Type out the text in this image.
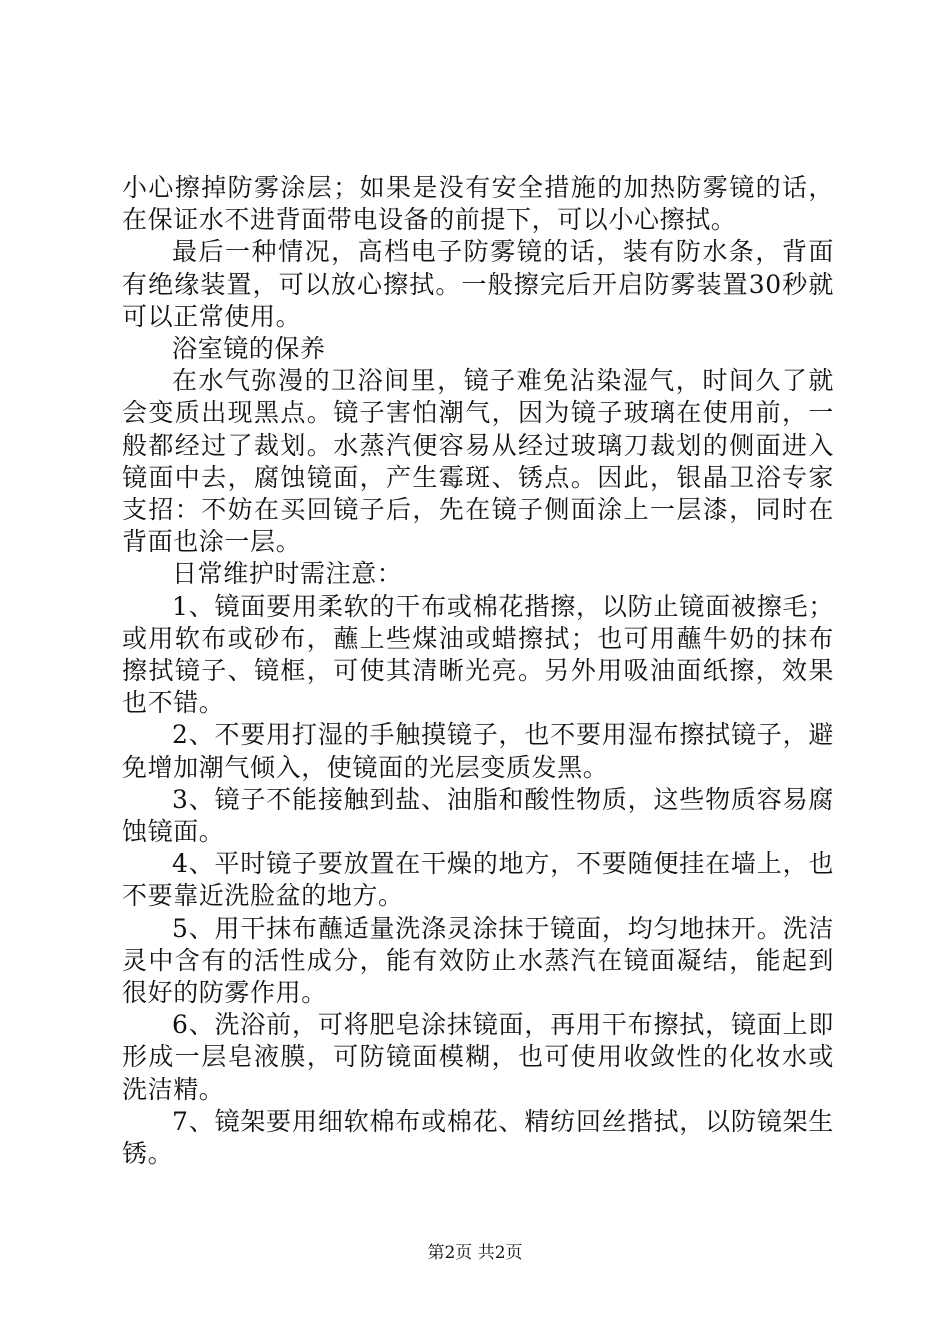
小心擦掉防雾涂层；如果是没有安全措施的加热防雾镜的话，在保证水不进背面带电设备的前提下，可以小心擦拭。

最后一种情况，高档电子防雾镜的话，装有防水条，背面有绝缘装置，可以放心擦拭。一般擦完后开启防雾装置30秒就可以正常使用。

浴室镜的保养

在水气弥漫的卫浴间里，镜子难免沾染湿气，时间久了就会变质出现黑点。镜子害怕潮气，因为镜子玻璃在使用前，一般都经过了裁划。水蒸汽便容易从经过玻璃刀裁划的侧面进入镜面中去，腐蚀镜面，产生霉斑、锈点。因此，银晶卫浴专家支招：不妨在买回镜子后，先在镜子侧面涂上一层漆，同时在背面也涂一层。

日常维护时需注意：

1、镜面要用柔软的干布或棉花揩擦，以防止镜面被擦毛；或用软布或砂布，蘸上些煤油或蜡擦拭；也可用蘸牛奶的抹布擦拭镜子、镜框，可使其清晰光亮。另外用吸油面纸擦，效果也不错。

2、不要用打湿的手触摸镜子，也不要用湿布擦拭镜子，避免增加潮气倾入，使镜面的光层变质发黑。

3、镜子不能接触到盐、油脂和酸性物质，这些物质容易腐蚀镜面。

4、平时镜子要放置在干燥的地方，不要随便挂在墙上，也不要靠近洗脸盆的地方。

5、用干抹布蘸适量洗涤灵涂抹于镜面，均匀地抹开。洗洁灵中含有的活性成分，能有效防止水蒸汽在镜面凝结，能起到很好的防雾作用。

6、洗浴前，可将肥皂涂抹镜面，再用干布擦拭，镜面上即形成一层皂液膜，可防镜面模糊，也可使用收敛性的化妆水或洗洁精。

7、镜架要用细软棉布或棉花、精纺回丝揩拭，以防镜架生锈。

第2页 共2页
